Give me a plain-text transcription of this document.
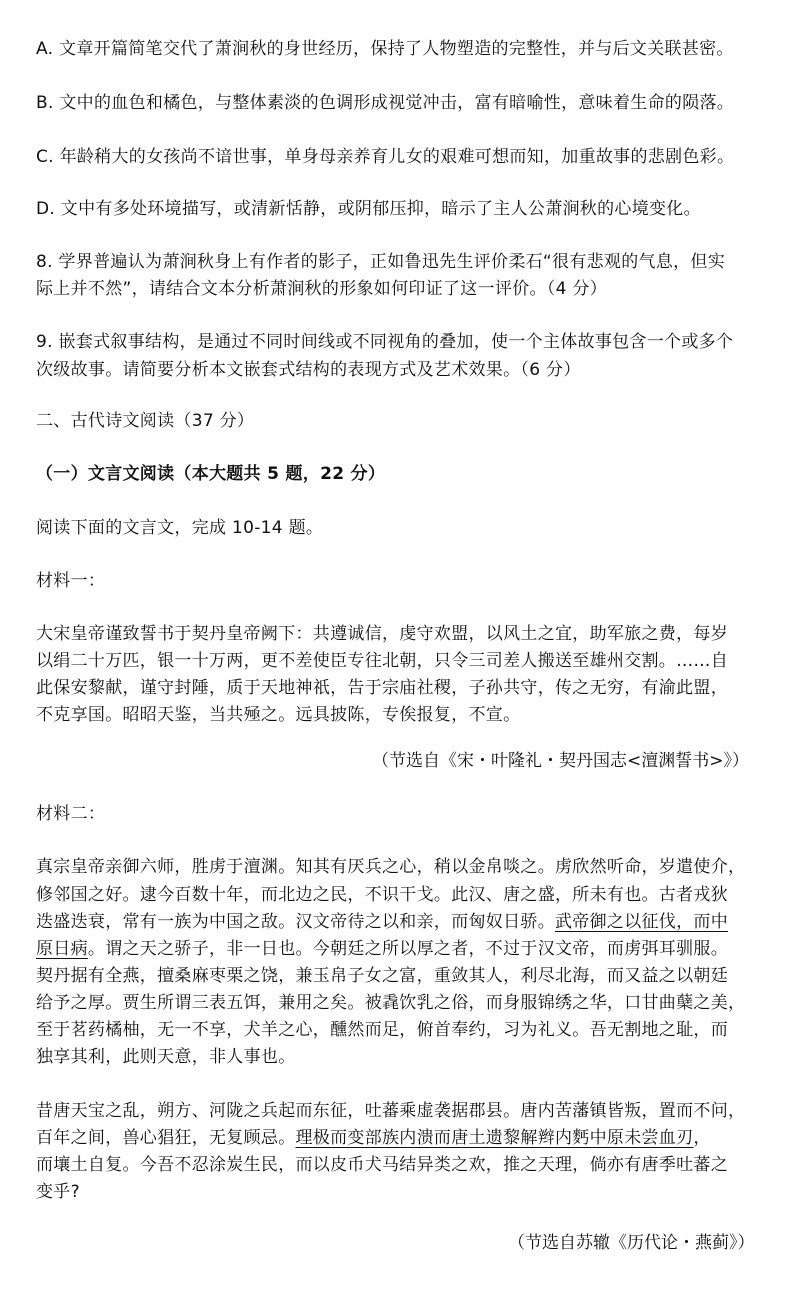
A. 文章开篇简笔交代了萧涧秋的身世经历，保持了人物塑造的完整性，并与后文关联甚密。
B. 文中的血色和橘色，与整体素淡的色调形成视觉冲击，富有暗喻性，意味着生命的陨落。
C. 年龄稍大的女孩尚不谙世事，单身母亲养育儿女的艰难可想而知，加重故事的悲剧色彩。
D. 文中有多处环境描写，或清新恬静，或阴郁压抑，暗示了主人公萧涧秋的心境变化。
8. 学界普遍认为萧涧秋身上有作者的影子，正如鲁迅先生评价柔石“很有悲观的气息，但实
际上并不然”，请结合文本分析萧涧秋的形象如何印证了这一评价。（4 分）
9. 嵌套式叙事结构，是通过不同时间线或不同视角的叠加，使一个主体故事包含一个或多个
次级故事。请简要分析本文嵌套式结构的表现方式及艺术效果。（6 分）
二、古代诗文阅读（37 分）
（一）文言文阅读（本大题共 5 题，22 分）
阅读下面的文言文，完成 10-14 题。
材料一：
大宋皇帝谨致誓书于契丹皇帝阙下：共遵诚信，虔守欢盟，以风土之宜，助军旅之费，每岁
以绢二十万匹，银一十万两，更不差使臣专往北朝，只令三司差人搬送至雄州交割。……自
此保安黎献，谨守封陲，质于天地神祇，告于宗庙社稷，子孙共守，传之无穷，有渝此盟，
不克享国。昭昭天鉴，当共殛之。远具披陈，专俟报复，不宣。
（节选自《宋・叶隆礼・契丹国志<澶渊誓书>》）
材料二：
真宗皇帝亲御六师，胜虏于澶渊。知其有厌兵之心，稍以金帛啖之。虏欣然听命，岁遣使介，
修邻国之好。逮今百数十年，而北边之民，不识干戈。此汉、唐之盛，所未有也。古者戎狄
迭盛迭衰，常有一族为中国之敌。汉文帝待之以和亲，而匈奴日骄。武帝御之以征伐，而中
原日病。谓之天之骄子，非一日也。今朝廷之所以厚之者，不过于汉文帝，而虏弭耳驯服。
契丹据有全燕，擅桑麻枣栗之饶，兼玉帛子女之富，重敛其人，利尽北海，而又益之以朝廷
给予之厚。贾生所谓三表五饵，兼用之矣。被毳饮乳之俗，而身服锦绣之华，口甘曲蘖之美，
至于茗药橘柚，无一不享，犬羊之心，醺然而足，俯首奉约，习为礼义。吾无割地之耻，而
独享其利，此则天意，非人事也。
昔唐天宝之乱，朔方、河陇之兵起而东征，吐蕃乘虚袭据郡县。唐内苦藩镇皆叛，置而不问，
百年之间，兽心猖狂，无复顾忌。理极而变部族内溃而唐土遗黎解辫内麫中原未尝血刃，
而壤土自复。今吾不忍涂炭生民，而以皮币犬马结异类之欢，推之天理，倘亦有唐季吐蕃之
变乎?
（节选自苏辙《历代论・燕蓟》）
